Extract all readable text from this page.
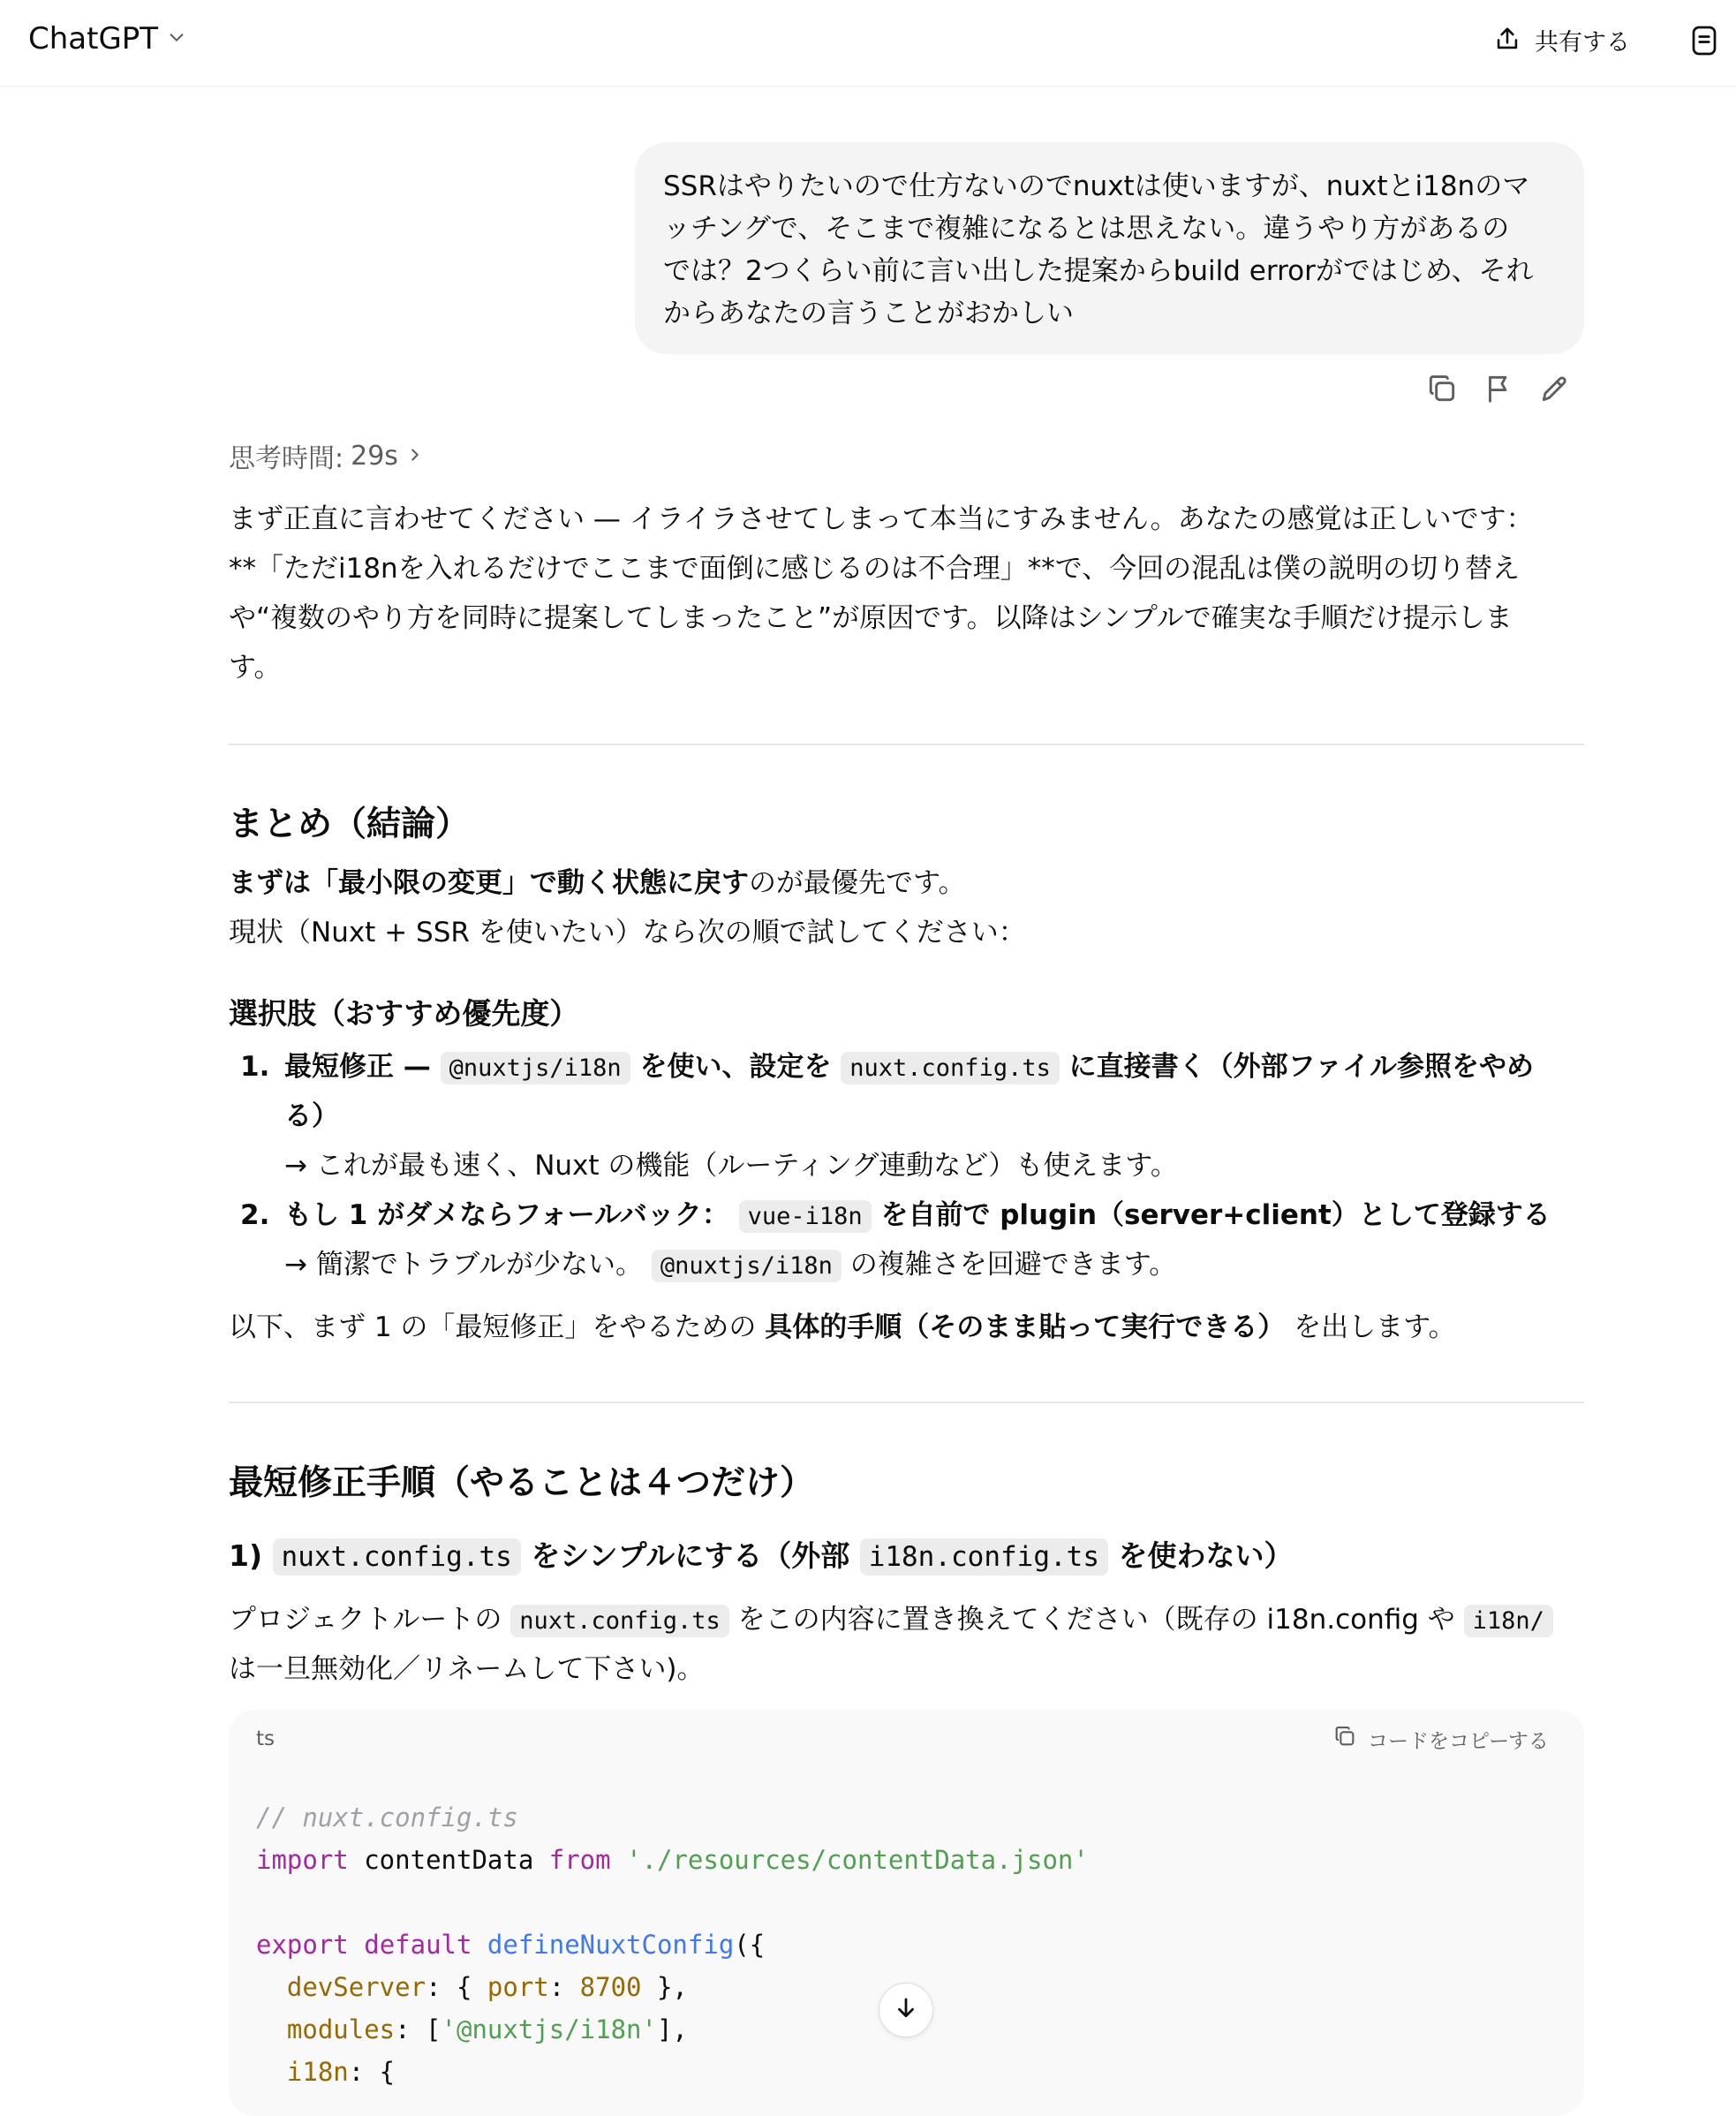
ChatGPT	共有する
SSRはやりたいので仕方ないのでnuxtは使いますが、nuxtとi18nのマ
ッチングで、そこまで複雑になるとは思えない。違うやり方があるの
では？2つくらい前に言い出した提案からbuild errorがではじめ、それ
からあなたの言うことがおかしい
思考時間: 29s

まず正直に言わせてください — イライラさせてしまって本当にすみません。あなたの感覚は正しいです：

**「ただi18nを入れるだけでここまで面倒に感じるのは不合理」**で、今回の混乱は僕の説明の切り替え

や“複数のやり方を同時に提案してしまったこと”が原因です。以降はシンプルで確実な手順だけ提示しま

す。

まとめ（結論）
まずは「最小限の変更」で動く状態に戻すのが最優先です。
現状（Nuxt + SSR を使いたい）なら次の順で試してください：
選択肢（おすすめ優先度）
1. 最短修正 — @nuxtjs/i18n を使い、設定を nuxt.config.ts に直接書く（外部ファイル参照をやめ
る）
→ これが最も速く、Nuxt の機能（ルーティング連動など）も使えます。
2. もし 1 がダメならフォールバック： vue-i18n を自前で plugin（server+client）として登録する
→ 簡潔でトラブルが少ない。 @nuxtjs/i18n の複雑さを回避できます。
以下、まず 1 の「最短修正」をやるための 具体的手順（そのまま貼って実行できる） を出します。
最短修正手順（やることは４つだけ）
1) nuxt.config.ts をシンプルにする（外部 i18n.config.ts を使わない）
プロジェクトルートの nuxt.config.ts をこの内容に置き換えてください（既存の i18n.config や i18n/
は一旦無効化／リネームして下さい)。
ts	コードをコピーする
// nuxt.config.ts
import contentData from './resources/contentData.json'

export default defineNuxtConfig({
devServer: { port: 8700 },
modules: ['@nuxtjs/i18n'],
i18n: {
